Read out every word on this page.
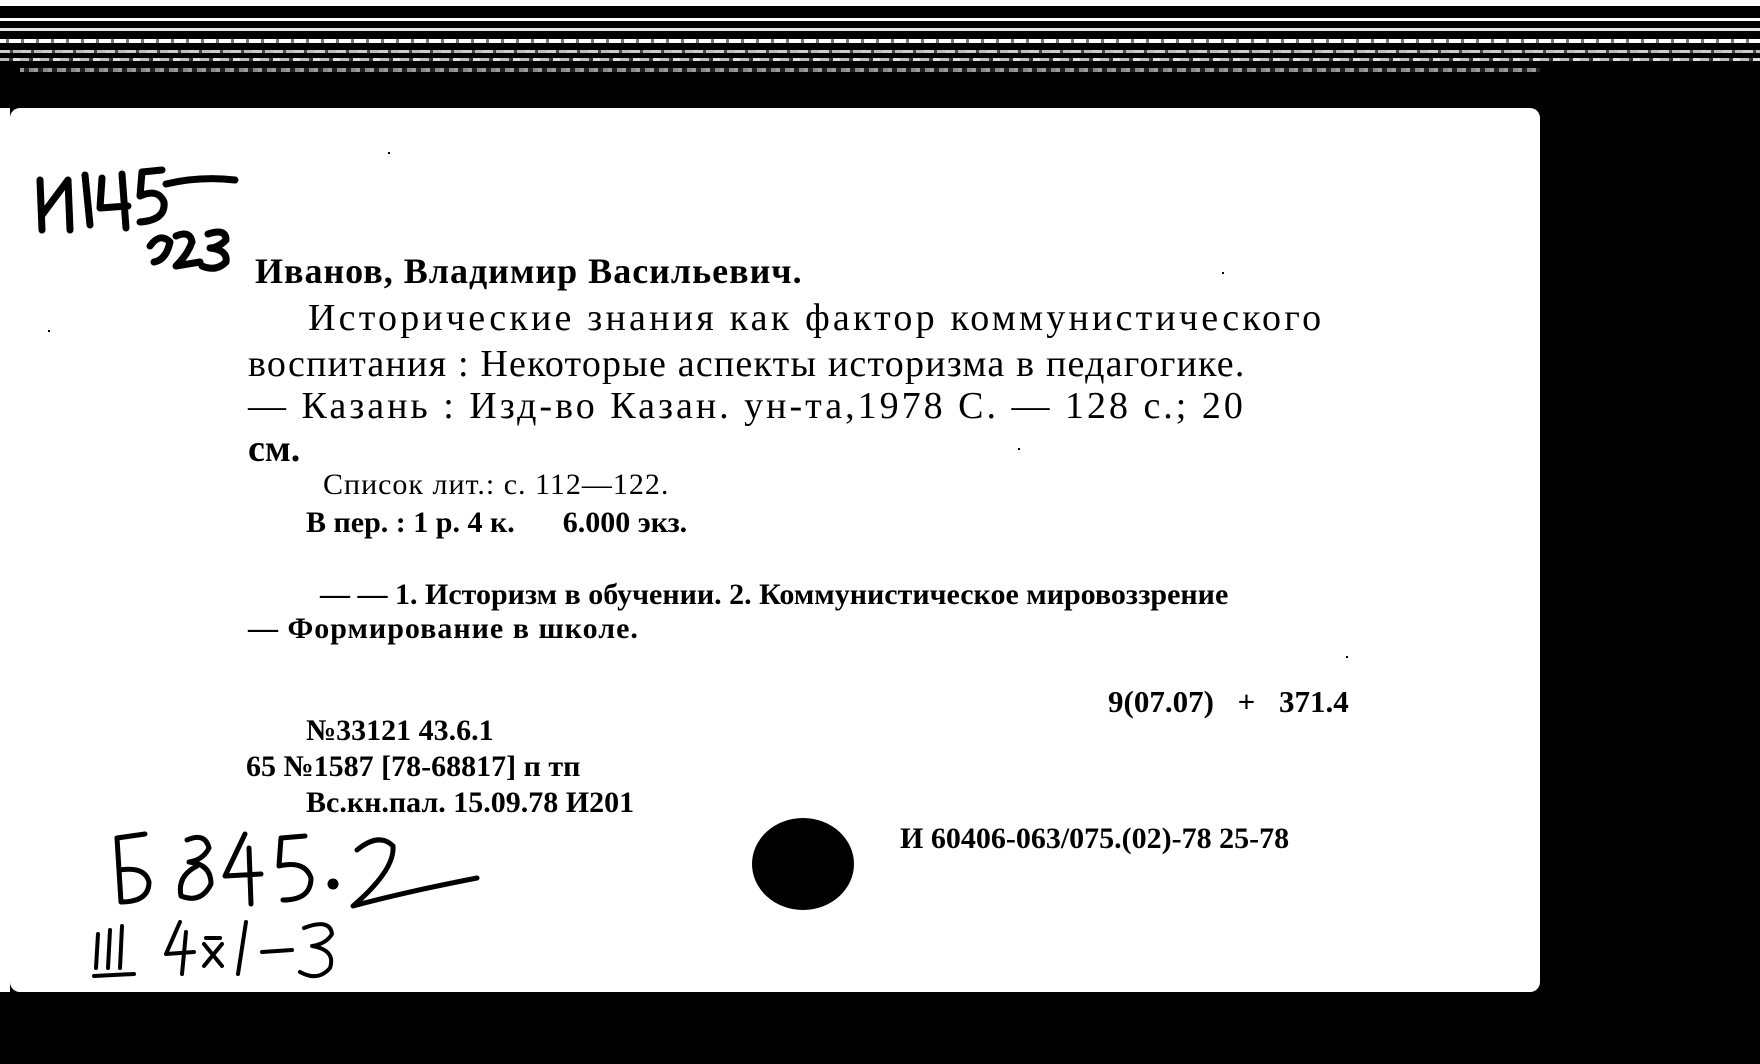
Иванов, Владимир Васильевич.
Исторические знания как фактор коммунистического
воспитания : Некоторые аспекты историзма в педагогике.
— Казань : Изд-во Казан. ун-та,1978 С. — 128 с.; 20
см.
Список лит.: с. 112—122.
В пер. : 1 р. 4 к. 6.000 экз.
— — 1. Историзм в обучении. 2. Коммунистическое мировоззрение
— Формирование в школе.
9(07.07) + 371.4
№33121 43.6.1
65 №1587 [78-68817] п тп
Вс.кн.пал. 15.09.78 И201
И 60406-063/075.(02)-78 25-78
